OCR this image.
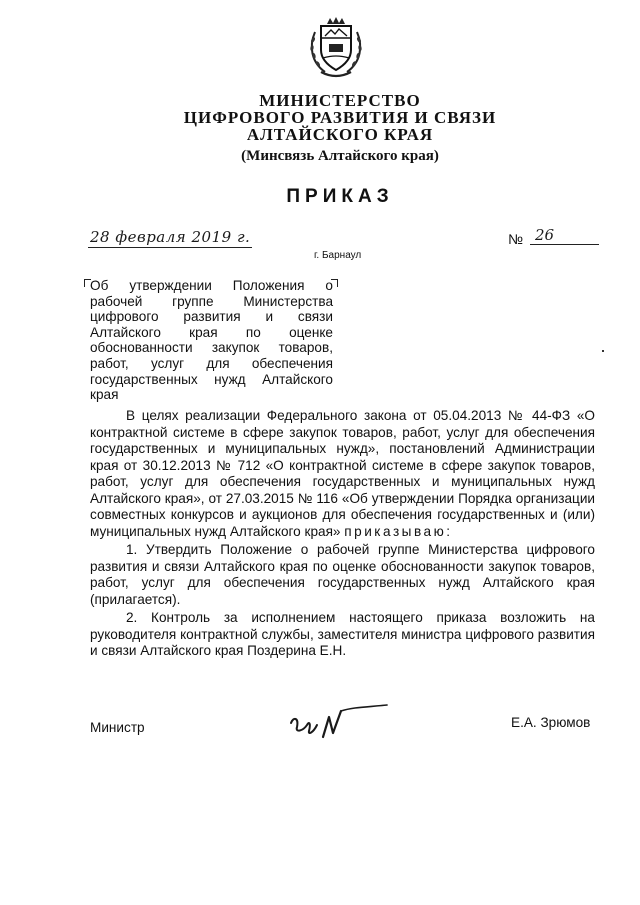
МИНИСТЕРСТВО
ЦИФРОВОГО РАЗВИТИЯ И СВЯЗИ
АЛТАЙСКОГО КРАЯ
(Минсвязь Алтайского края)
ПРИКАЗ
28 февраля 2019 г.
г. Барнаул
№ 26
Об утверждении Положения о рабочей группе Министерства цифрового развития и связи Алтайского края по оценке обоснованности закупок товаров, работ, услуг для обеспечения государственных нужд Алтайского края

В целях реализации Федерального закона от 05.04.2013 № 44-ФЗ «О контрактной системе в сфере закупок товаров, работ, услуг для обеспечения государственных и муниципальных нужд», постановлений Администрации края от 30.12.2013 № 712 «О контрактной системе в сфере закупок товаров, работ, услуг для обеспечения государственных и муниципальных нужд Алтайского края», от 27.03.2015 № 116 «Об утверждении Порядка организации совместных конкурсов и аукционов для обеспечения государственных и (или) муниципальных нужд Алтайского края» приказываю:

1. Утвердить Положение о рабочей группе Министерства цифрового развития и связи Алтайского края по оценке обоснованности закупок товаров, работ, услуг для обеспечения государственных нужд Алтайского края (прилагается).

2. Контроль за исполнением настоящего приказа возложить на руководителя контрактной службы, заместителя министра цифрового развития и связи Алтайского края Поздерина Е.Н.

Министр	Е.А. Зрюмов
